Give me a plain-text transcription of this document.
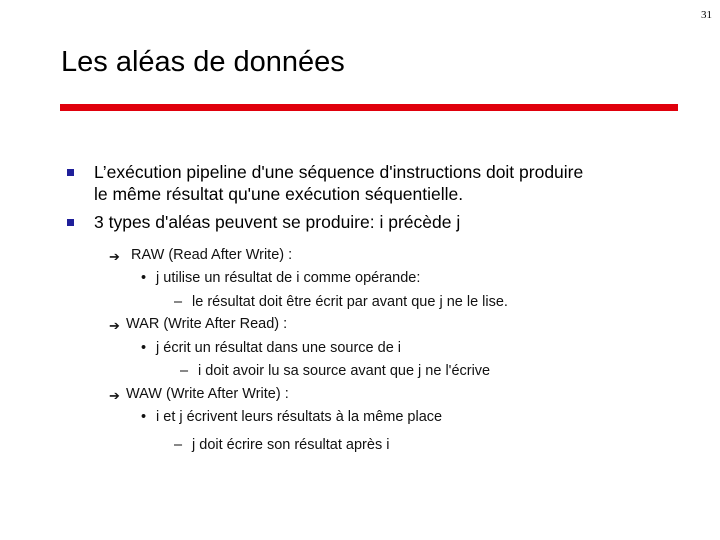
31
Les aléas de données
L’exécution pipeline d'une séquence d'instructions doit produire
le même résultat qu'une exécution séquentielle.
3 types d'aléas peuvent se produire: i précède j
➔ RAW (Read After Write) :
• j utilise un résultat de i comme opérande:
– le résultat doit être écrit par avant que j ne le lise.
➔ WAR (Write After Read) :
• j écrit un résultat dans une source de i
– i doit avoir lu sa source avant que j ne l'écrive
➔ WAW (Write After Write) :
• i et j écrivent leurs résultats à la même place
– j doit écrire son résultat après i
